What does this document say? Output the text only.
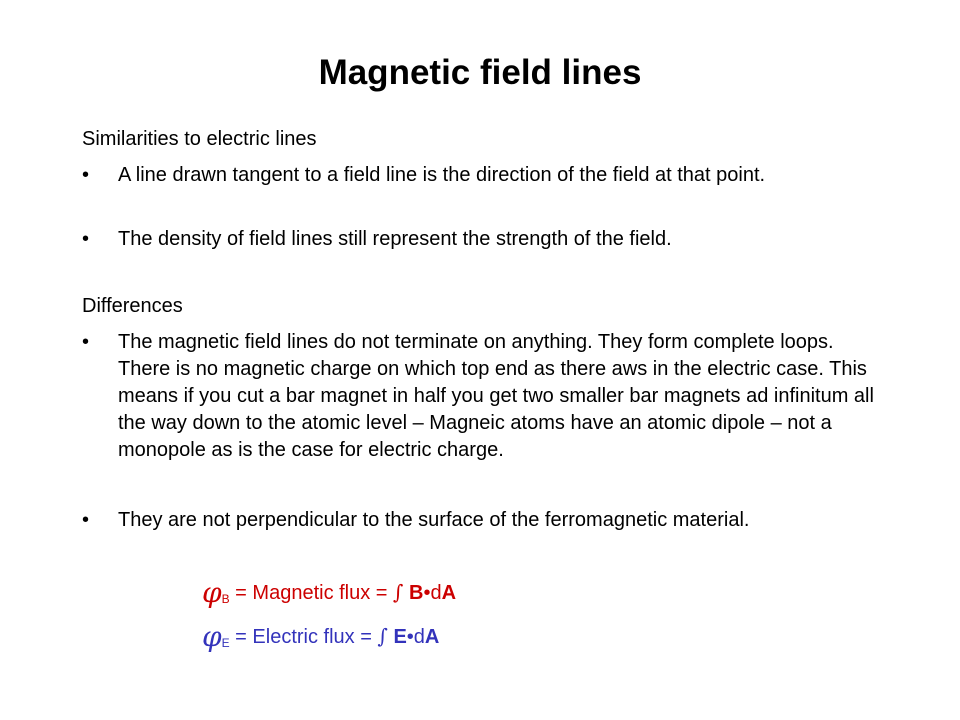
Magnetic field lines
Similarities to electric lines
•	A line drawn tangent to a field line is the direction of the field at that point.
•	The density of field lines still represent the strength of the field.
Differences
•	The magnetic field lines do not terminate on anything. They form complete loops. There is no magnetic charge on which top end as there aws in the electric case. This means if you cut a bar magnet in half you get two smaller bar magnets ad infinitum all the way down to the atomic level – Magneic atoms have an atomic dipole – not a monopole as is the case for electric charge.
•	They are not perpendicular to the surface of the ferromagnetic material.
$\varphi_B$ = Magnetic flux = ∫ B•dA
$\varphi_E$ = Electric flux = ∫ E•dA
